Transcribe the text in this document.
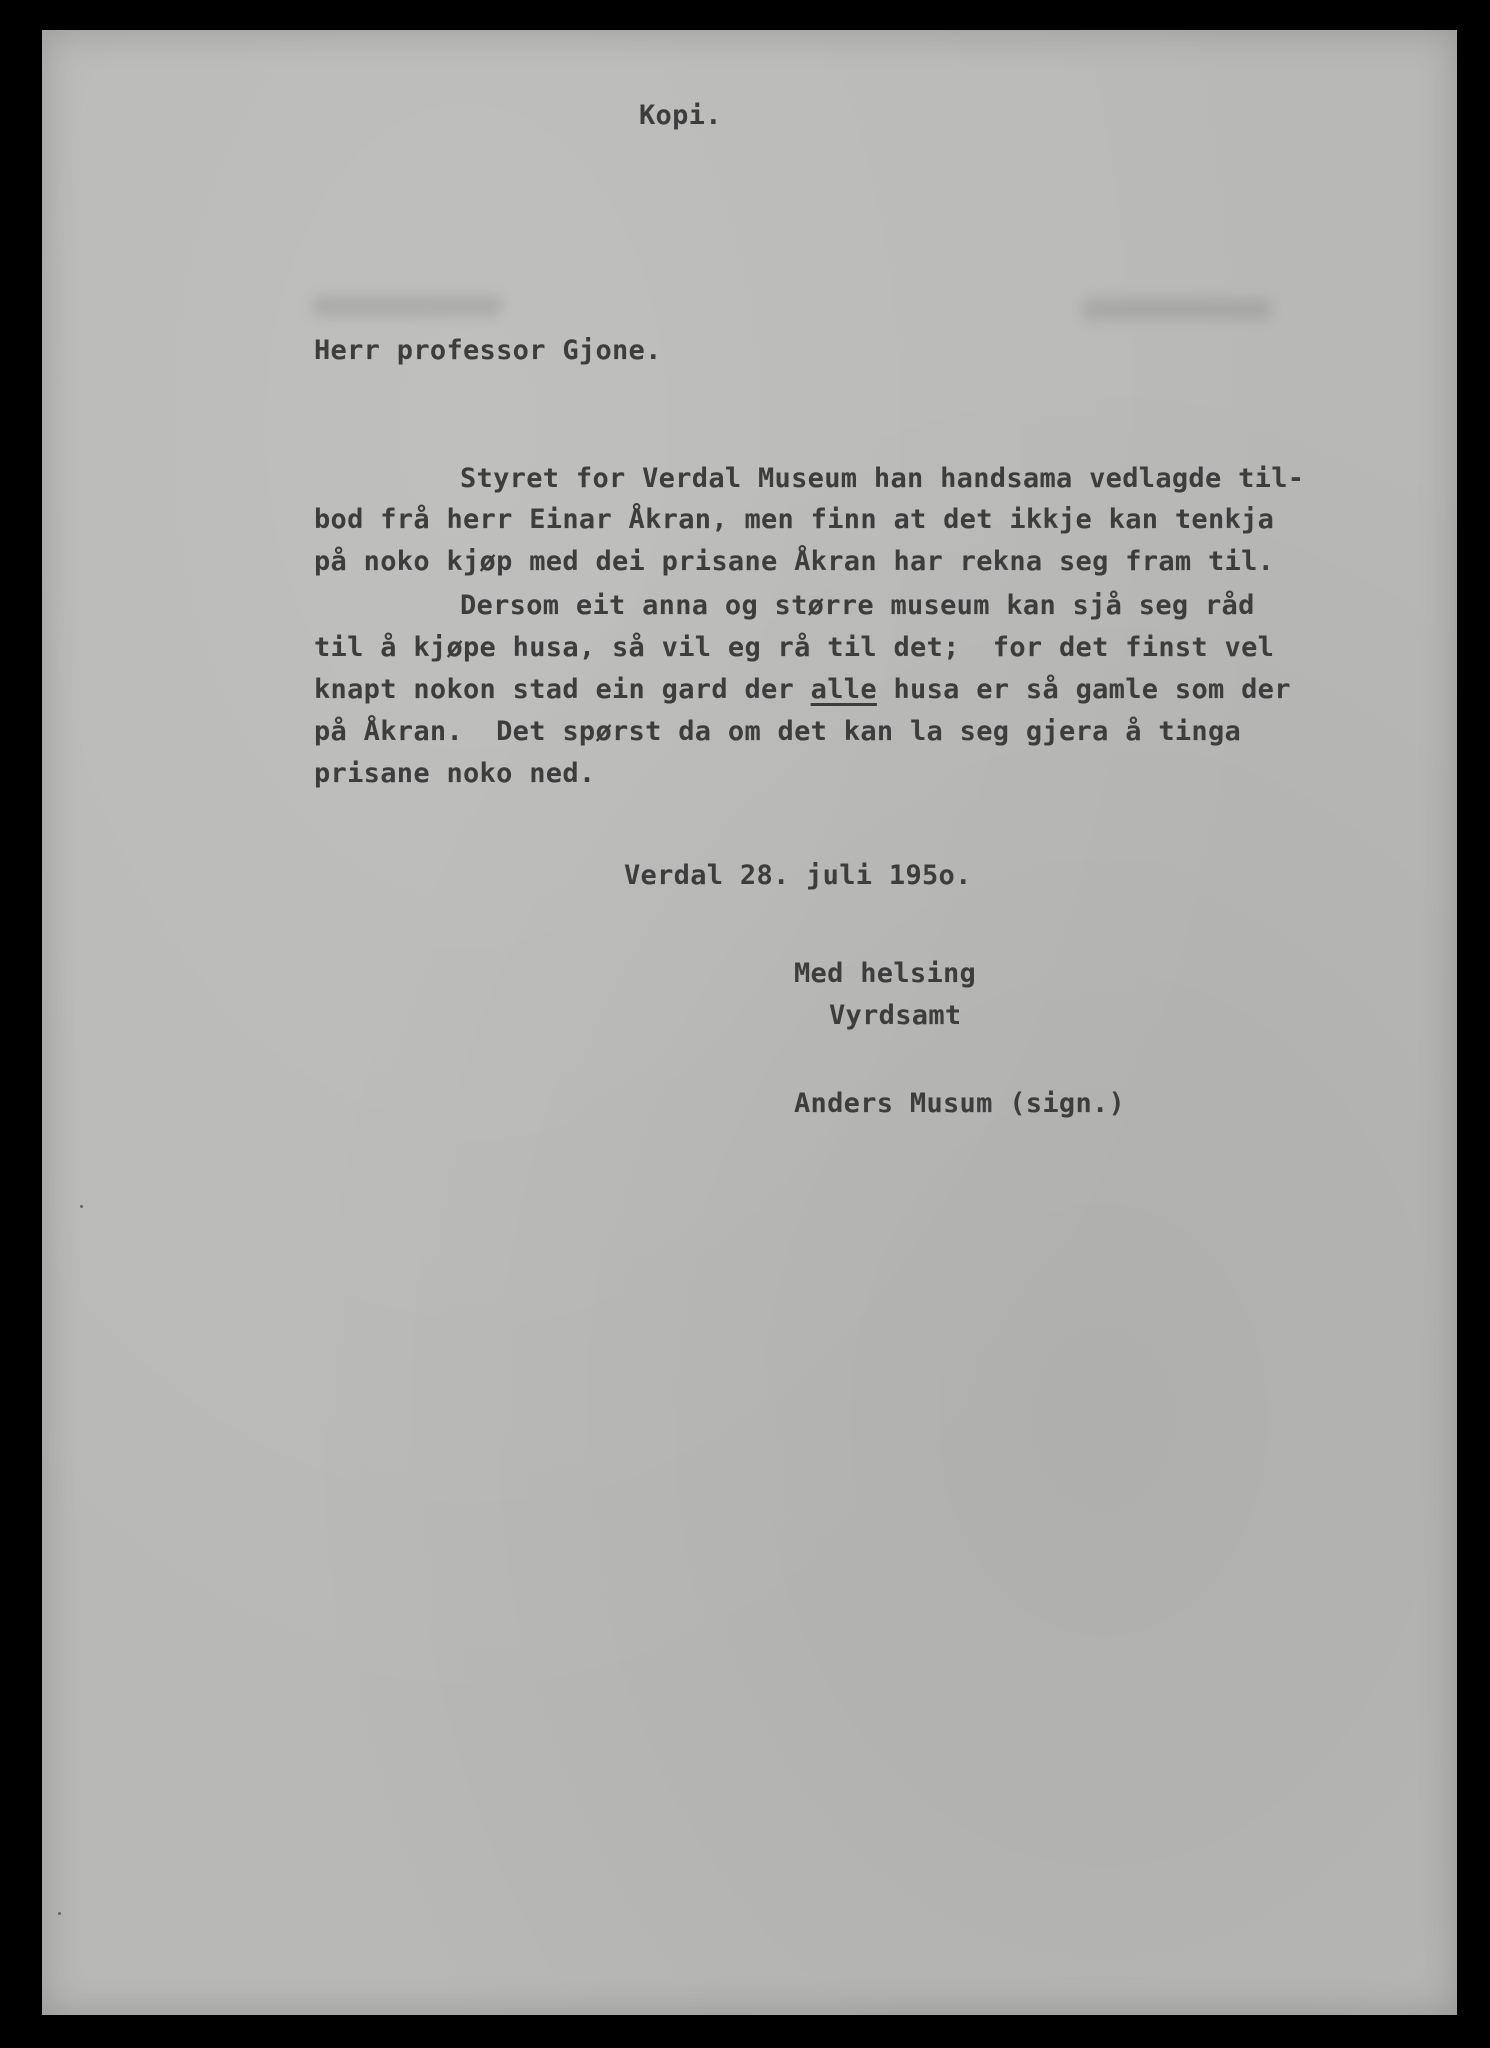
Kopi.

Herr professor Gjone.

Styret for Verdal Museum han handsama vedlagde til-

bod frå herr Einar Åkran, men finn at det ikkje kan tenkja

på noko kjøp med dei prisane Åkran har rekna seg fram til.

Dersom eit anna og større museum kan sjå seg råd

til å kjøpe husa, så vil eg rå til det;  for det finst vel

knapt nokon stad ein gard der alle husa er så gamle som der

på Åkran.  Det spørst da om det kan la seg gjera å tinga

prisane noko ned.

Verdal 28. juli 195o.

Med helsing

Vyrdsamt

Anders Musum (sign.)
